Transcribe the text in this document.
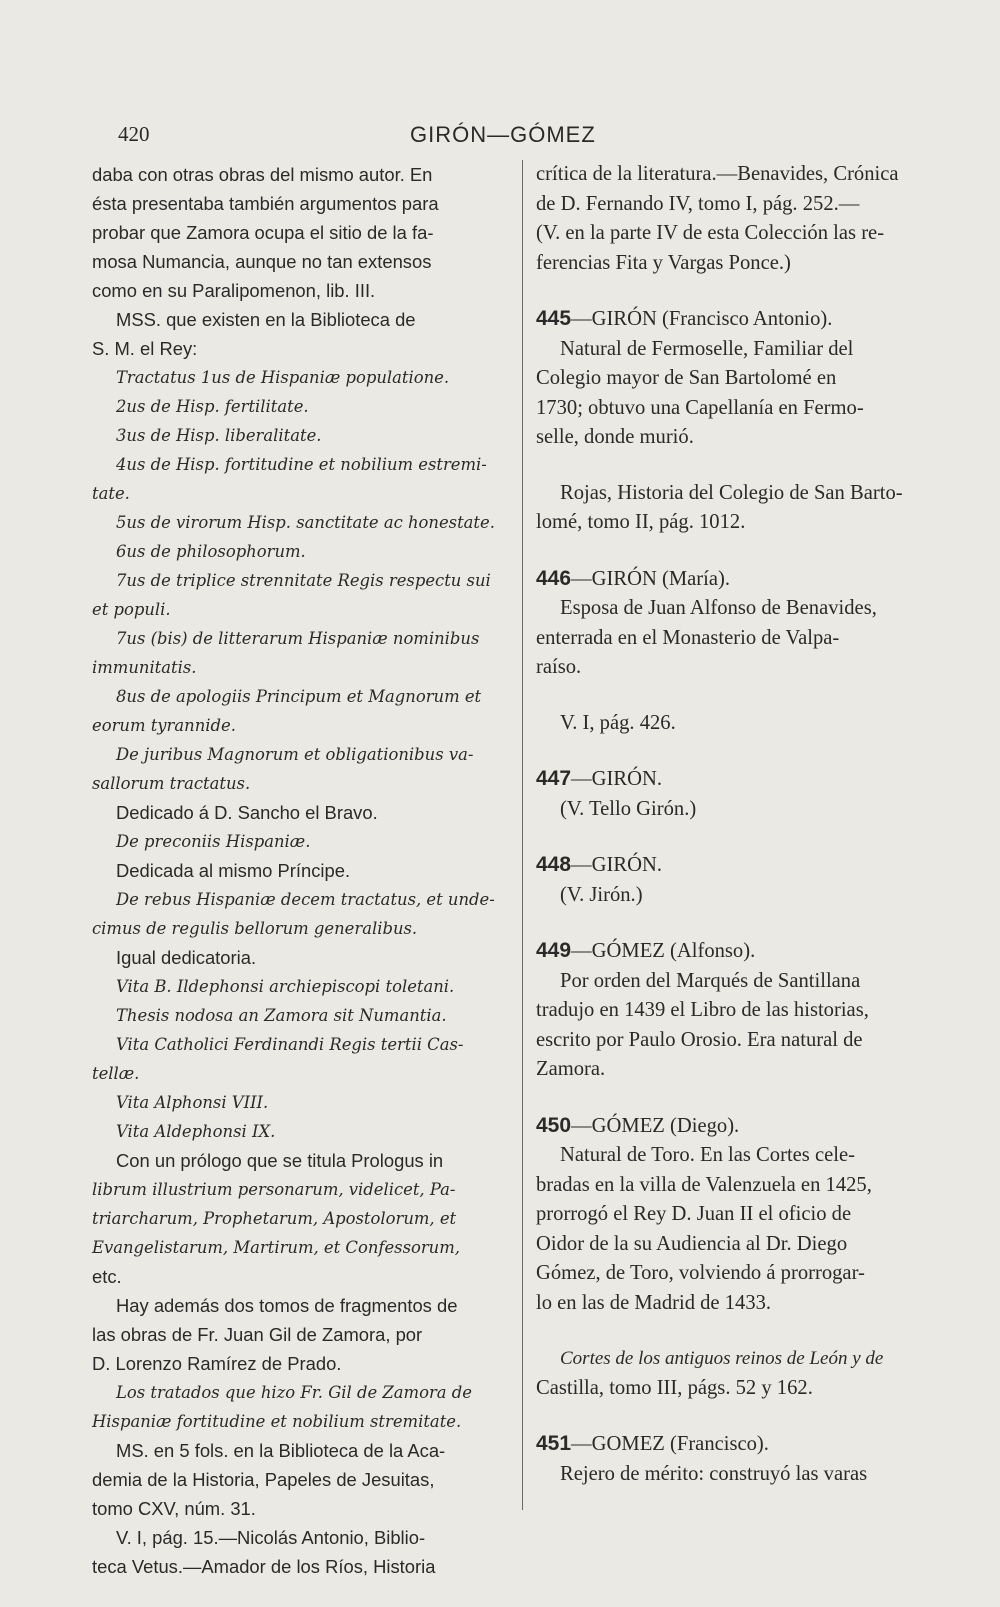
420	GIRÓN—GÓMEZ

daba con otras obras del mismo autor. En

ésta presentaba también argumentos para

probar que Zamora ocupa el sitio de la fa-

mosa Numancia, aunque no tan extensos

como en su Paralipomenon, lib. III.

MSS. que existen en la Biblioteca de

S. M. el Rey:

Tractatus 1us de Hispaniæ populatione.

2us de Hisp. fertilitate.

3us de Hisp. liberalitate.

4us de Hisp. fortitudine et nobilium estremi-

tate.

5us de virorum Hisp. sanctitate ac honestate.

6us de philosophorum.

7us de triplice strennitate Regis respectu sui

et populi.

7us (bis) de litterarum Hispaniæ nominibus

immunitatis.

8us de apologiis Principum et Magnorum et

eorum tyrannide.

De juribus Magnorum et obligationibus va-

sallorum tractatus.

Dedicado á D. Sancho el Bravo.

De preconiis Hispaniæ.

Dedicada al mismo Príncipe.

De rebus Hispaniæ decem tractatus, et unde-

cimus de regulis bellorum generalibus.

Igual dedicatoria.

Vita B. Ildephonsi archiepiscopi toletani.

Thesis nodosa an Zamora sit Numantia.

Vita Catholici Ferdinandi Regis tertii Cas-

tellæ.

Vita Alphonsi VIII.

Vita Aldephonsi IX.

Con un prólogo que se titula Prologus in

librum illustrium personarum, videlicet, Pa-

triarcharum, Prophetarum, Apostolorum, et

Evangelistarum, Martirum, et Confessorum,

etc.

Hay además dos tomos de fragmentos de

las obras de Fr. Juan Gil de Zamora, por

D. Lorenzo Ramírez de Prado.

Los tratados que hizo Fr. Gil de Zamora de

Hispaniæ fortitudine et nobilium stremitate.

MS. en 5 fols. en la Biblioteca de la Aca-

demia de la Historia, Papeles de Jesuitas,

tomo CXV, núm. 31.

V. I, pág. 15.—Nicolás Antonio, Biblio-

teca Vetus.—Amador de los Ríos, Historia

crítica de la literatura.—Benavides, Crónica

de D. Fernando IV, tomo I, pág. 252.—

(V. en la parte IV de esta Colección las re-

ferencias Fita y Vargas Ponce.)

445—GIRÓN (Francisco Antonio).

Natural de Fermoselle, Familiar del

Colegio mayor de San Bartolomé en

1730; obtuvo una Capellanía en Fermo-

selle, donde murió.

Rojas, Historia del Colegio de San Barto-

lomé, tomo II, pág. 1012.

446—GIRÓN (María).

Esposa de Juan Alfonso de Benavides,

enterrada en el Monasterio de Valpa-

raíso.

V. I, pág. 426.

447—GIRÓN.

(V. Tello Girón.)

448—GIRÓN.

(V. Jirón.)

449—GÓMEZ (Alfonso).

Por orden del Marqués de Santillana

tradujo en 1439 el Libro de las historias,

escrito por Paulo Orosio. Era natural de

Zamora.

450—GÓMEZ (Diego).

Natural de Toro. En las Cortes cele-

bradas en la villa de Valenzuela en 1425,

prorrogó el Rey D. Juan II el oficio de

Oidor de la su Audiencia al Dr. Diego

Gómez, de Toro, volviendo á prorrogar-

lo en las de Madrid de 1433.

Cortes de los antiguos reinos de León y de

Castilla, tomo III, págs. 52 y 162.

451—GOMEZ (Francisco).

Rejero de mérito: construyó las varas
